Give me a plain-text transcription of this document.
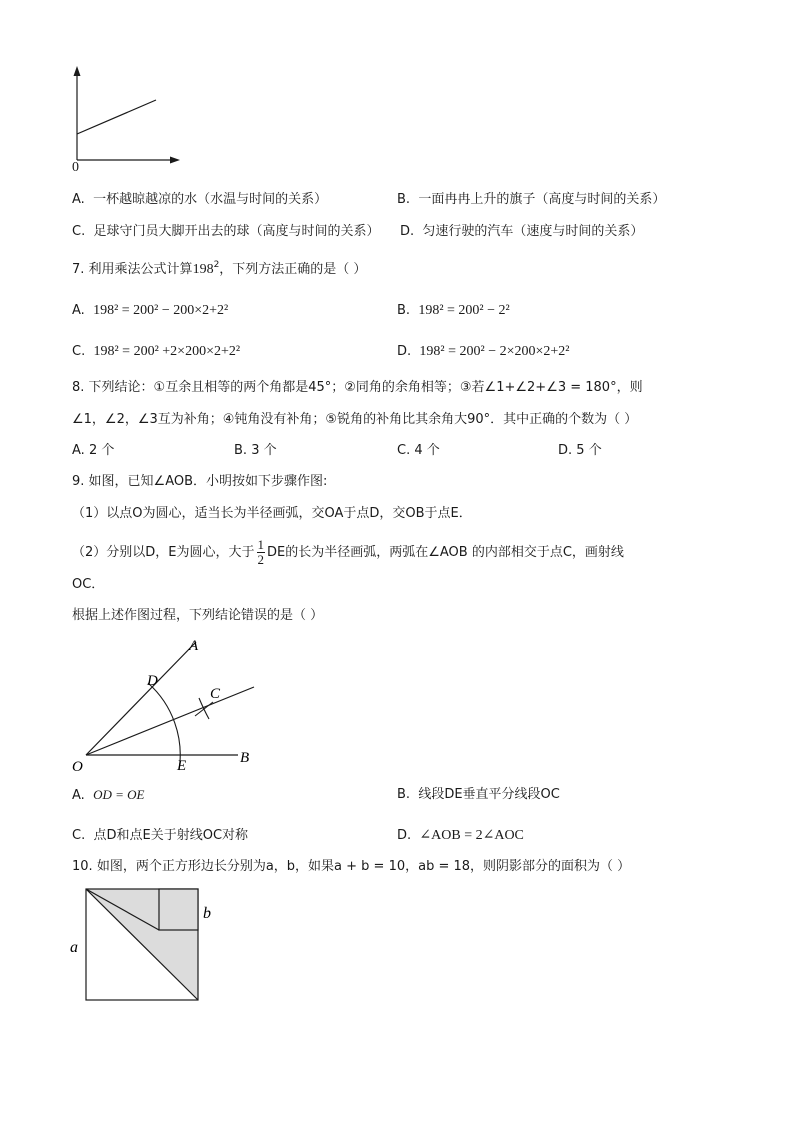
0
A. 一杯越晾越凉的水（水温与时间的关系）	B. 一面冉冉上升的旗子（高度与时间的关系）
C. 足球守门员大脚开出去的球（高度与时间的关系） D. 匀速行驶的汽车（速度与时间的关系）
7. 利用乘法公式计算$198^2$，下列方法正确的是（ ）
A. 198² = 200² − 200×2+2²	B. 198² = 200² − 2²
C. 198² = 200² +2×200×2+2²	D. 198² = 200² − 2×200×2+2²
8. 下列结论：①互余且相等的两个角都是45°；②同角的余角相等；③若∠1+∠2+∠3 = 180°，则
∠1，∠2，∠3互为补角；④钝角没有补角；⑤锐角的补角比其余角大90°．其中正确的个数为（ ）
A. 2 个	B. 3 个	C. 4 个	D. 5 个
9. 如图，已知∠AOB．小明按如下步骤作图:
（1）以点O为圆心，适当长为半径画弧，交OA于点D，交OB于点E．
（2）分别以D，E为圆心，大于 $\frac{1}{2}$ DE的长为半径画弧，两弧在∠AOB 的内部相交于点C，画射线
OC．
根据上述作图过程，下列结论错误的是（ ）
A
D
C
B
E
O
A. OD = OE	B. 线段DE垂直平分线段OC
C. 点D和点E关于射线OC对称	D. ∠AOB = 2∠AOC
10. 如图，两个正方形边长分别为a，b，如果a + b = 10，ab = 18，则阴影部分的面积为（ ）
a
b
